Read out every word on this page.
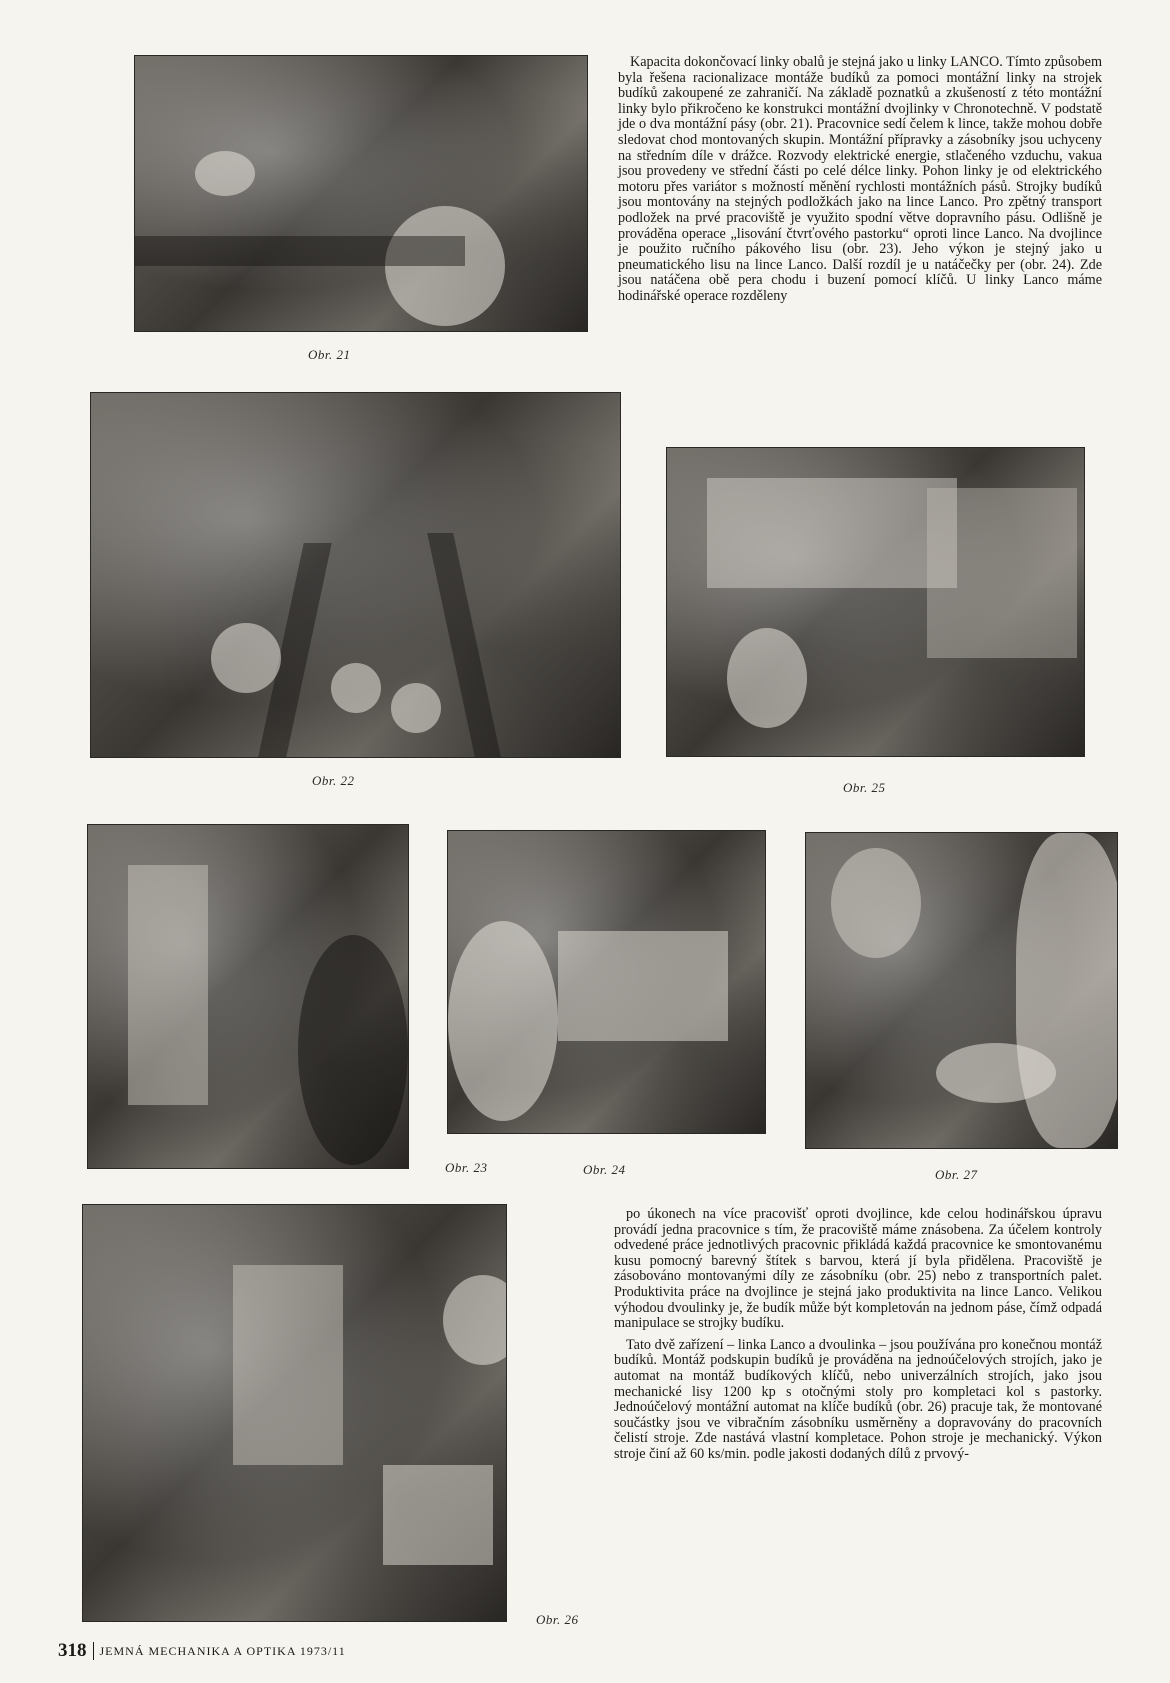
Obr. 21
Obr. 22	Obr. 25
Obr. 23	Obr. 24	Obr. 27
Obr. 26

Kapacita dokončovací linky obalů je stejná jako u linky LANCO. Tímto způsobem byla řešena racionalizace montáže budíků za pomoci montážní linky na strojek budíků zakoupené ze zahraničí. Na základě poznatků a zkušeností z této montážní linky bylo přikročeno ke konstrukci montážní dvojlinky v Chronotechně. V podstatě jde o dva montážní pásy (obr. 21). Pracovnice sedí čelem k lince, takže mohou dobře sledovat chod montovaných skupin. Montážní přípravky a zásobníky jsou uchyceny na středním díle v drážce. Rozvody elektrické energie, stlačeného vzduchu, vakua jsou provedeny ve střední části po celé délce linky. Pohon linky je od elektrického motoru přes variátor s možností měnění rychlosti montážních pásů. Strojky budíků jsou montovány na stejných podložkách jako na lince Lanco. Pro zpětný transport podložek na prvé pracoviště je využito spodní větve dopravního pásu. Odlišně je prováděna operace „lisování čtvrťového pastorku“ oproti lince Lanco. Na dvojlince je použito ručního pákového lisu (obr. 23). Jeho výkon je stejný jako u pneumatického lisu na lince Lanco. Další rozdíl je u natáčečky per (obr. 24). Zde jsou natáčena obě pera chodu i buzení pomocí klíčů. U linky Lanco máme hodinářské operace rozděleny

po úkonech na více pracovišť oproti dvojlince, kde celou hodinářskou úpravu provádí jedna pracovnice s tím, že pracoviště máme znásobena. Za účelem kontroly odvedené práce jednotlivých pracovnic přikládá každá pracovnice ke smontovanému kusu pomocný barevný štítek s barvou, která jí byla přidělena. Pracoviště je zásobováno montovanými díly ze zásobníku (obr. 25) nebo z transportních palet. Produktivita práce na dvojlince je stejná jako produktivita na lince Lanco. Velikou výhodou dvoulinky je, že budík může být kompletován na jednom páse, čímž odpadá manipulace se strojky budíku.

Tato dvě zařízení – linka Lanco a dvoulinka – jsou používána pro konečnou montáž budíků. Montáž podskupin budíků je prováděna na jednoúčelových strojích, jako je automat na montáž budíkových klíčů, nebo univerzálních strojích, jako jsou mechanické lisy 1200 kp s otočnými stoly pro kompletaci kol s pastorky. Jednoúčelový montážní automat na klíče budíků (obr. 26) pracuje tak, že montované součástky jsou ve vibračním zásobníku usměrněny a dopravovány do pracovních čelistí stroje. Zde nastává vlastní kompletace. Pohon stroje je mechanický. Výkon stroje činí až 60 ks/min. podle jakosti dodaných dílů z prvový-

318 JEMNÁ MECHANIKA A OPTIKA 1973/11
